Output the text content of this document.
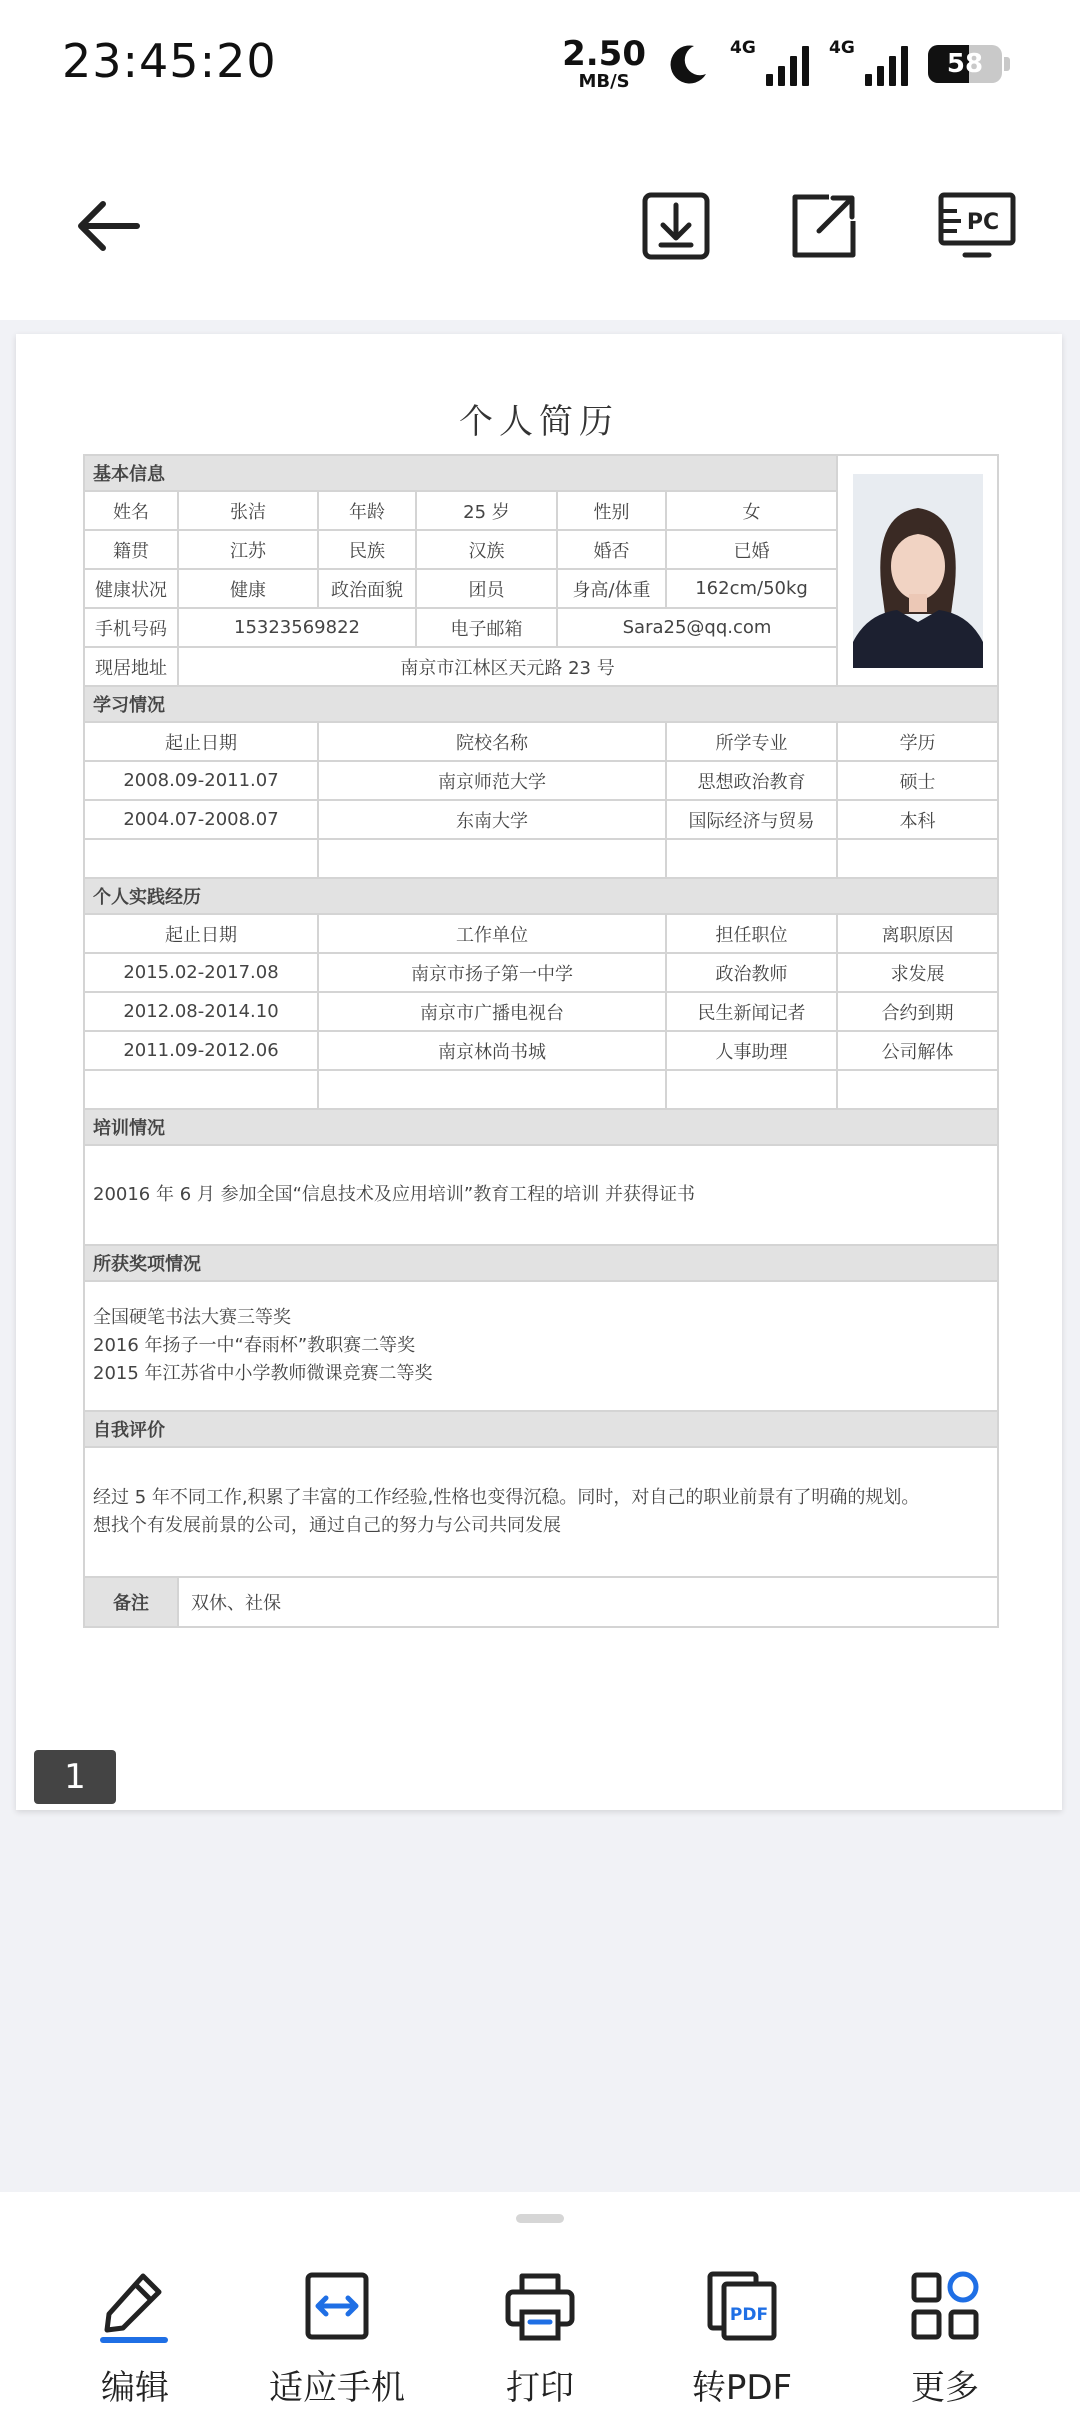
23:45:20	2.50
MB/S
4G	4G
58
PC
个人简历
基本信息	

姓名	张洁	年龄	25 岁	性别	女	
籍贯	江苏	民族	汉族	婚否	已婚	
健康状况	健康	政治面貌	团员	身高/体重	162cm/50kg	
手机号码	15323569822		电子邮箱	Sara25@qq.com		
现居地址	南京市江林区天元路 23 号					
学习情况						
起止日期		院校名称			所学专业	学历
2008.09-2011.07		南京师范大学			思想政治教育	硕士
2004.07-2008.07		东南大学			国际经济与贸易	本科

个人实践经历						
起止日期		工作单位			担任职位	离职原因
2015.02-2017.08		南京市扬子第一中学			政治教师	求发展
2012.08-2014.10		南京市广播电视台			民生新闻记者	合约到期
2011.09-2012.06		南京林尚书城			人事助理	公司解体

培训情况						
20016 年 6 月 参加全国“信息技术及应用培训”教育工程的培训 并获得证书						
所获奖项情况						

全国硬笔书法大赛三等奖
2016 年扬子一中“春雨杯”教职赛二等奖
2015 年江苏省中小学教师微课竞赛二等奖						

自我评价						

经过 5 年不同工作,积累了丰富的工作经验,性格也变得沉稳。同时，对自己的职业前景有了明确的规划。
想找个有发展前景的公司，通过自己的努力与公司共同发展						

备注	双休、社保					
1
编辑	适应手机	打印
PDF
转PDF	更多
